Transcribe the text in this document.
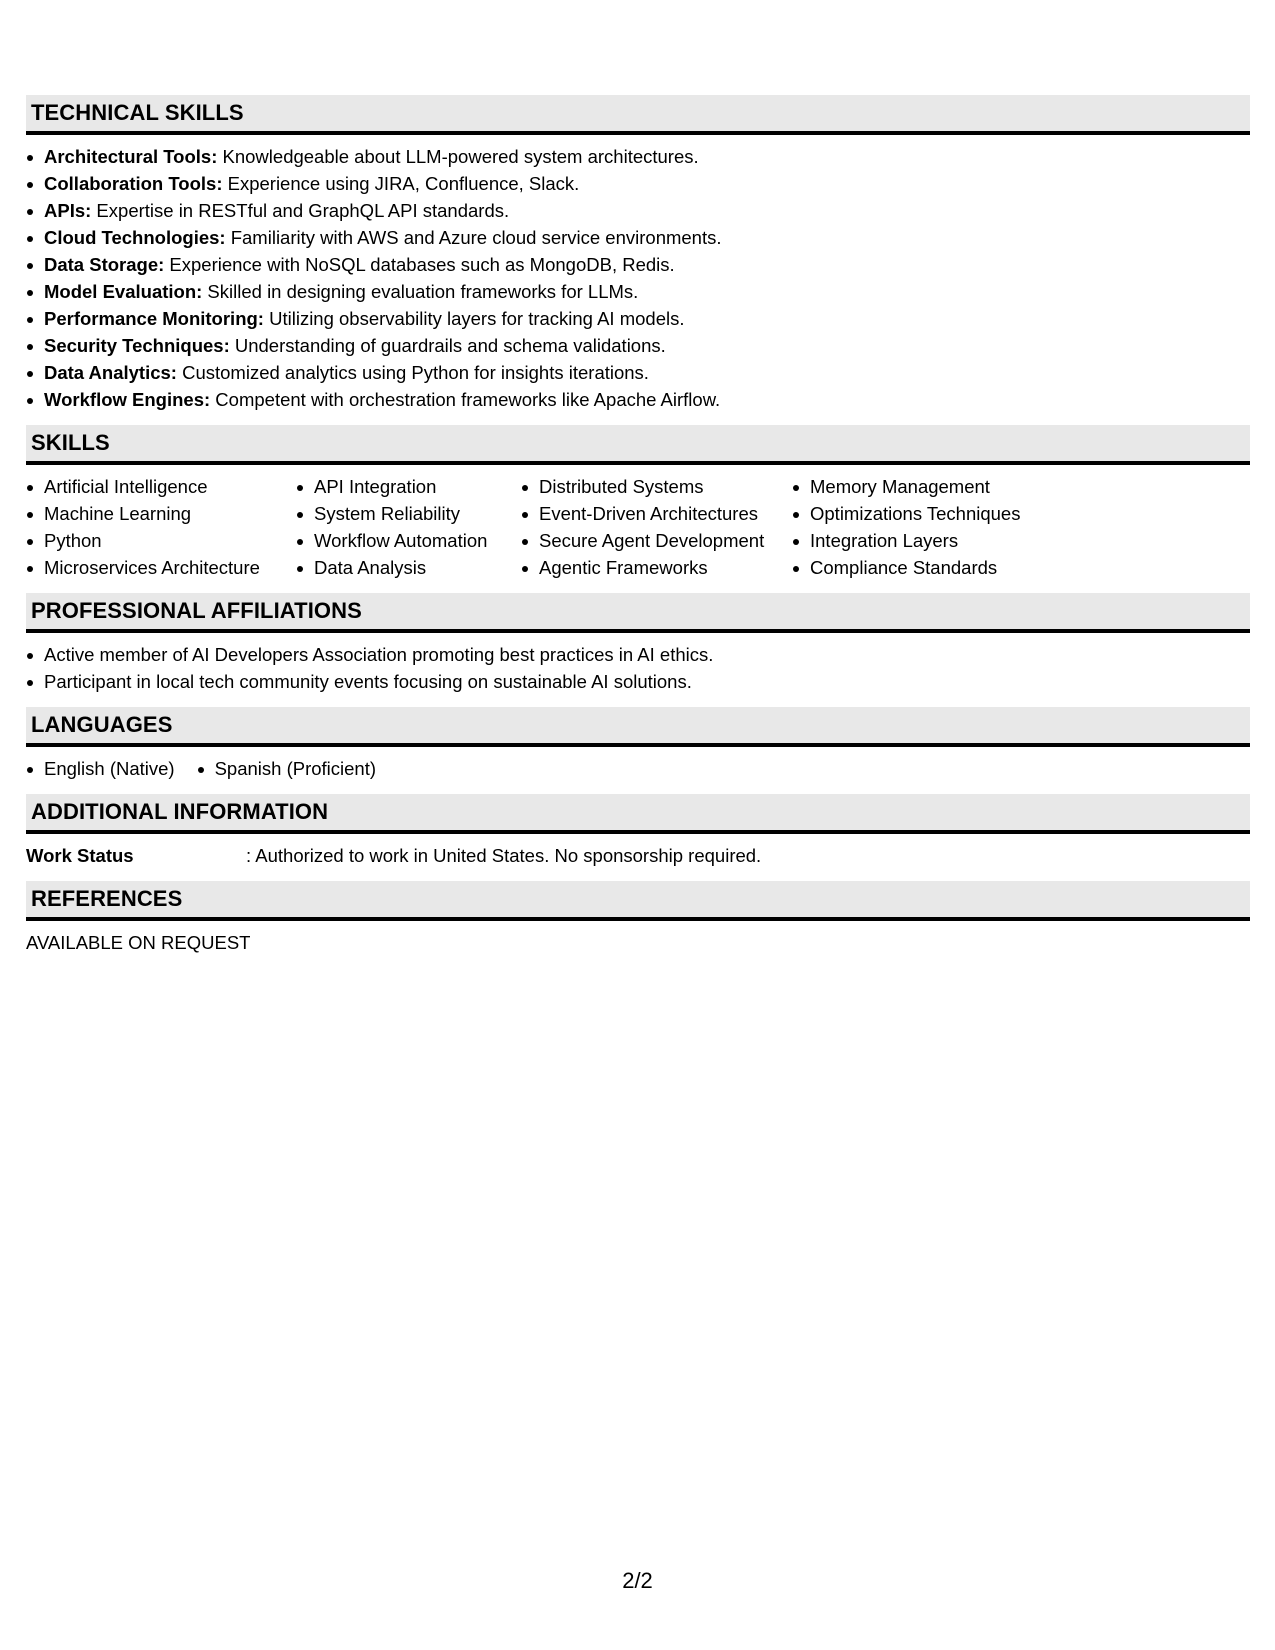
TECHNICAL SKILLS
Architectural Tools: Knowledgeable about LLM-powered system architectures.
Collaboration Tools: Experience using JIRA, Confluence, Slack.
APIs: Expertise in RESTful and GraphQL API standards.
Cloud Technologies: Familiarity with AWS and Azure cloud service environments.
Data Storage: Experience with NoSQL databases such as MongoDB, Redis.
Model Evaluation: Skilled in designing evaluation frameworks for LLMs.
Performance Monitoring: Utilizing observability layers for tracking AI models.
Security Techniques: Understanding of guardrails and schema validations.
Data Analytics: Customized analytics using Python for insights iterations.
Workflow Engines: Competent with orchestration frameworks like Apache Airflow.
SKILLS
Artificial Intelligence
Machine Learning
Python
Microservices Architecture
API Integration
System Reliability
Workflow Automation
Data Analysis
Distributed Systems
Event-Driven Architectures
Secure Agent Development
Agentic Frameworks
Memory Management
Optimizations Techniques
Integration Layers
Compliance Standards
PROFESSIONAL AFFILIATIONS
Active member of AI Developers Association promoting best practices in AI ethics.
Participant in local tech community events focusing on sustainable AI solutions.
LANGUAGES
English (Native)	Spanish (Proficient)
ADDITIONAL INFORMATION
Work Status	: Authorized to work in United States. No sponsorship required.
REFERENCES
AVAILABLE ON REQUEST
2/2
